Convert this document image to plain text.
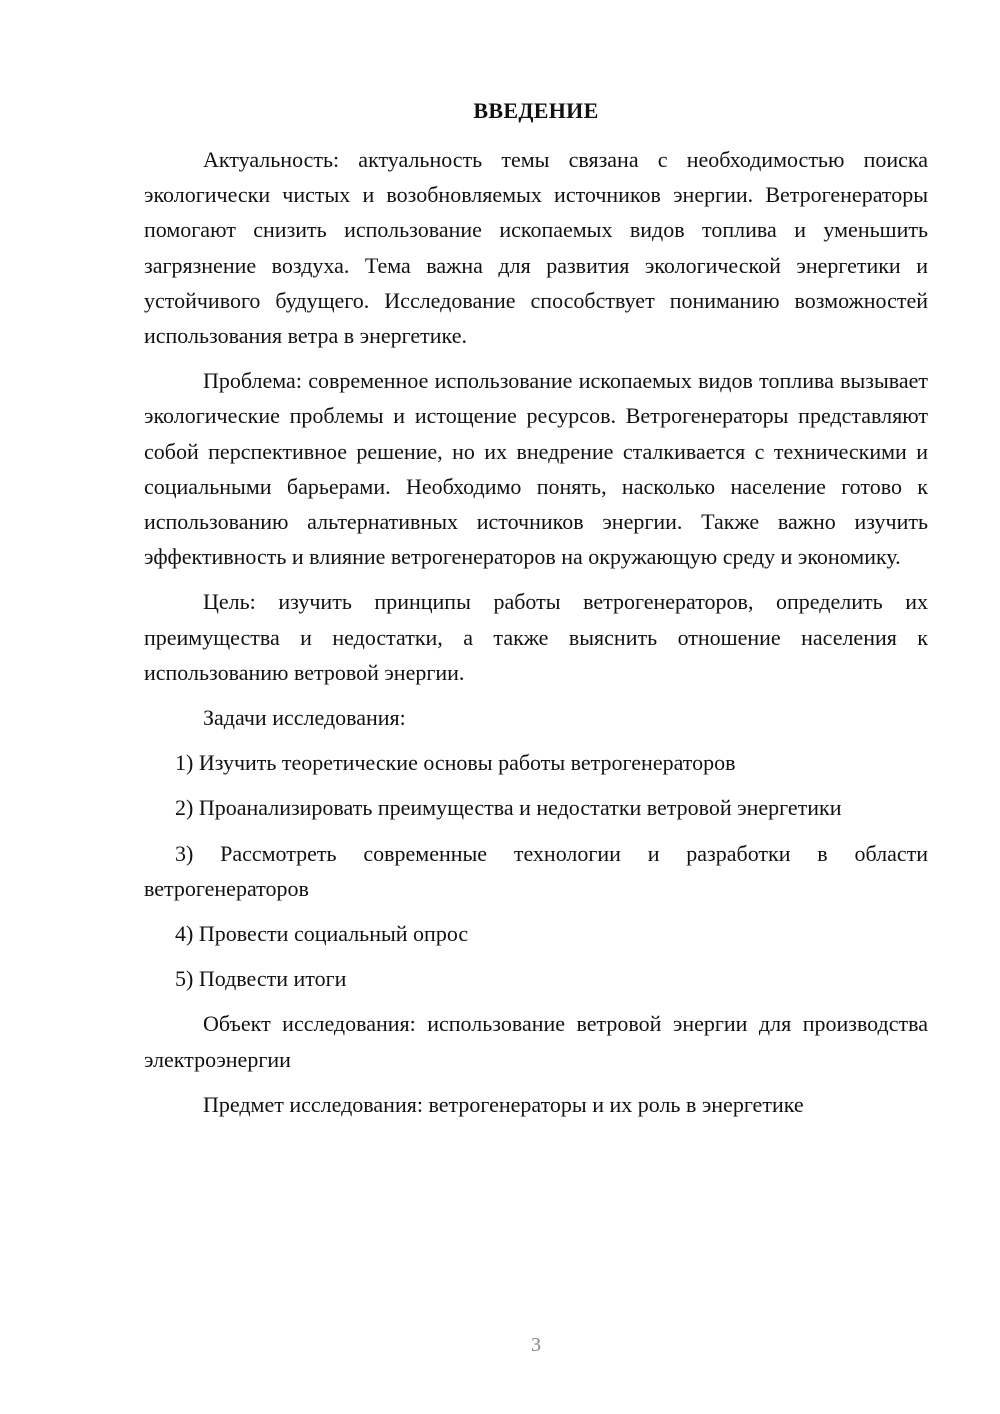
ВВЕДЕНИЕ

Актуальность: актуальность темы связана с необходимостью поиска экологически чистых и возобновляемых источников энергии. Ветрогенераторы помогают снизить использование ископаемых видов топлива и уменьшить загрязнение воздуха. Тема важна для развития экологической энергетики и устойчивого будущего. Исследование способствует пониманию возможностей использования ветра в энергетике.

Проблема: современное использование ископаемых видов топлива вызывает экологические проблемы и истощение ресурсов. Ветрогенераторы представляют собой перспективное решение, но их внедрение сталкивается с техническими и социальными барьерами. Необходимо понять, насколько население готово к использованию альтернативных источников энергии. Также важно изучить эффективность и влияние ветрогенераторов на окружающую среду и экономику.

Цель: изучить принципы работы ветрогенераторов, определить их преимущества и недостатки, а также выяснить отношение населения к использованию ветровой энергии.

Задачи исследования:

1) Изучить теоретические основы работы ветрогенераторов

2) Проанализировать преимущества и недостатки ветровой энергетики

3) Рассмотреть современные технологии и разработки в области ветрогенераторов

4) Провести социальный опрос

5) Подвести итоги

Объект исследования: использование ветровой энергии для производства электроэнергии

Предмет исследования: ветрогенераторы и их роль в энергетике

3
